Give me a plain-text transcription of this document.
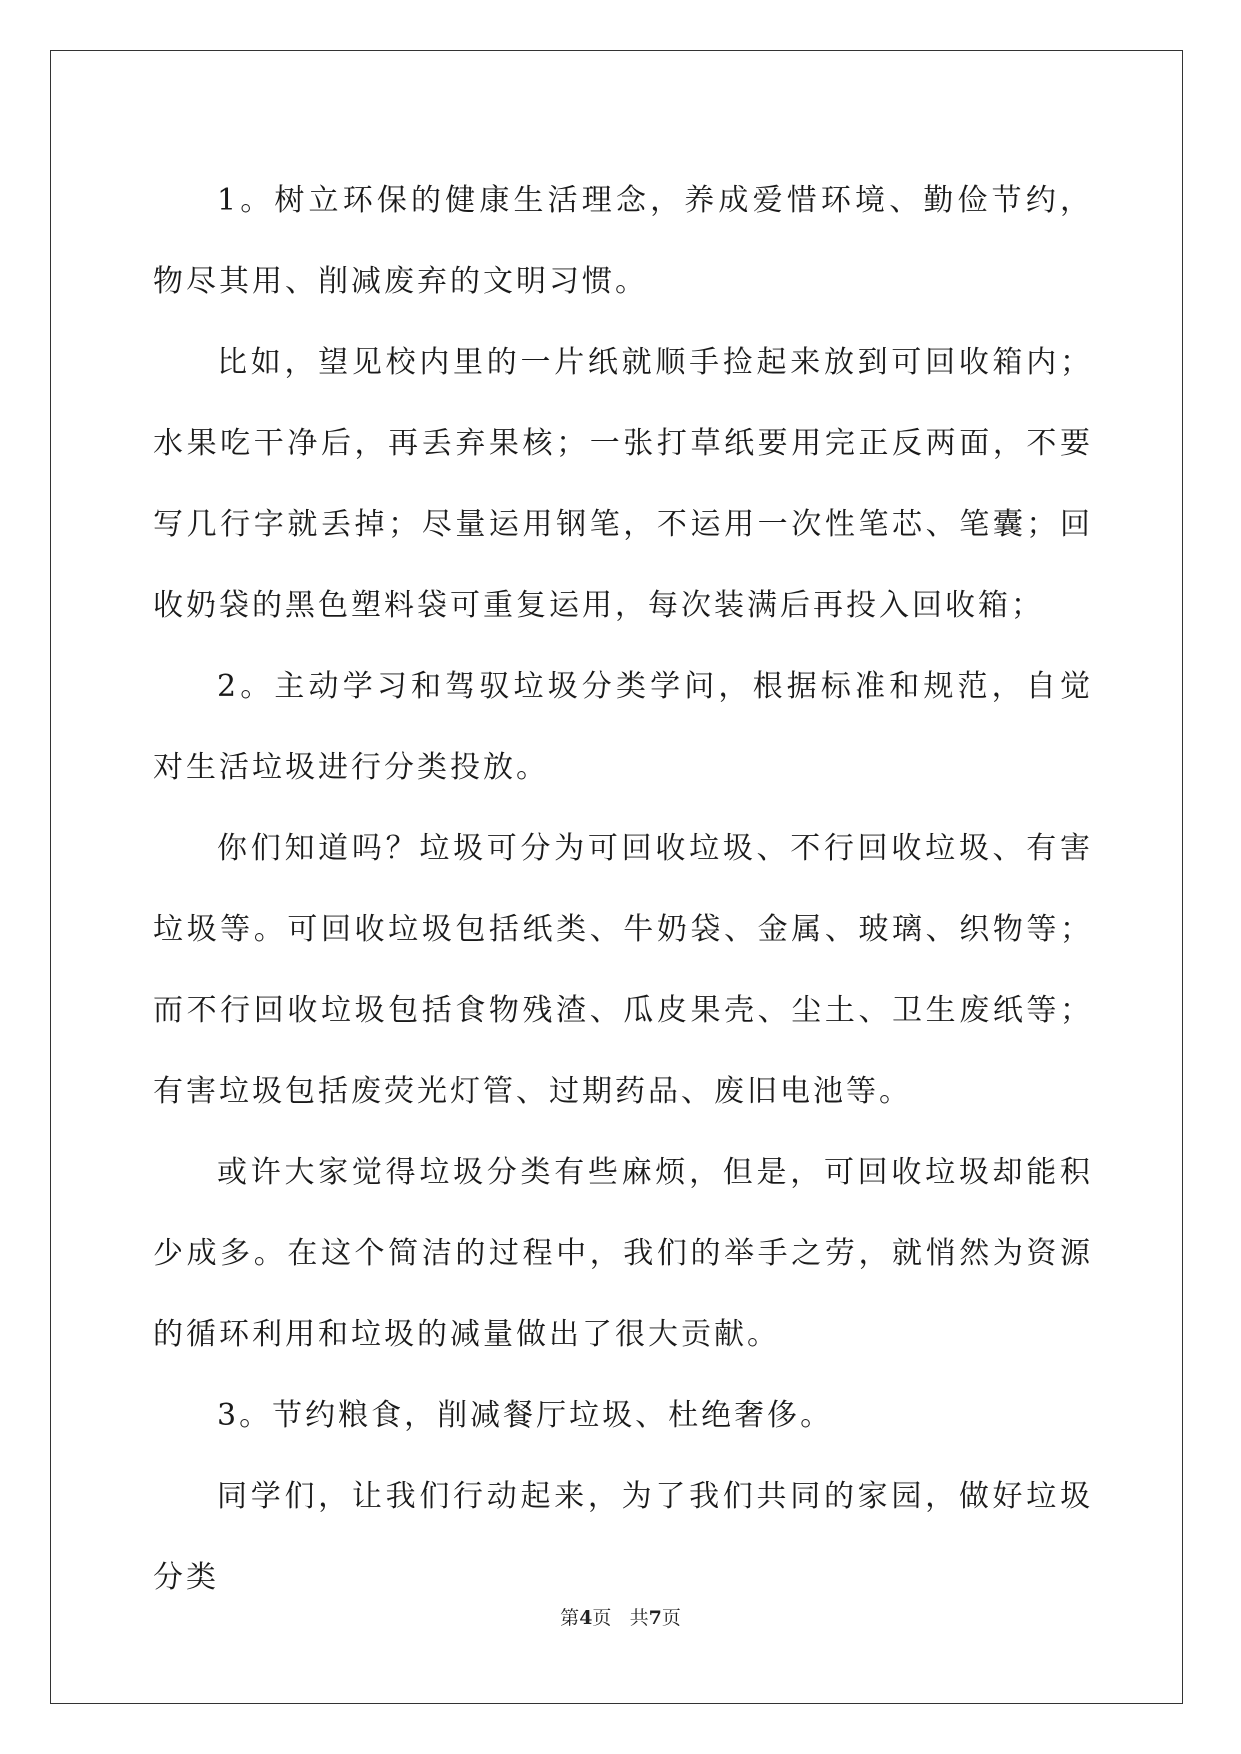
1。树立环保的健康生活理念，养成爱惜环境、勤俭节约，物尽其用、削减废弃的文明习惯。

比如，望见校内里的一片纸就顺手捡起来放到可回收箱内；水果吃干净后，再丢弃果核；一张打草纸要用完正反两面，不要写几行字就丢掉；尽量运用钢笔，不运用一次性笔芯、笔囊；回收奶袋的黑色塑料袋可重复运用，每次装满后再投入回收箱；

2。主动学习和驾驭垃圾分类学问，根据标准和规范，自觉对生活垃圾进行分类投放。

你们知道吗？垃圾可分为可回收垃圾、不行回收垃圾、有害垃圾等。可回收垃圾包括纸类、牛奶袋、金属、玻璃、织物等；而不行回收垃圾包括食物残渣、瓜皮果壳、尘土、卫生废纸等；有害垃圾包括废荧光灯管、过期药品、废旧电池等。

或许大家觉得垃圾分类有些麻烦，但是，可回收垃圾却能积少成多。在这个简洁的过程中，我们的举手之劳，就悄然为资源的循环利用和垃圾的减量做出了很大贡献。

3。节约粮食，削减餐厅垃圾、杜绝奢侈。

同学们，让我们行动起来，为了我们共同的家园，做好垃圾分类

第4页 共7页
